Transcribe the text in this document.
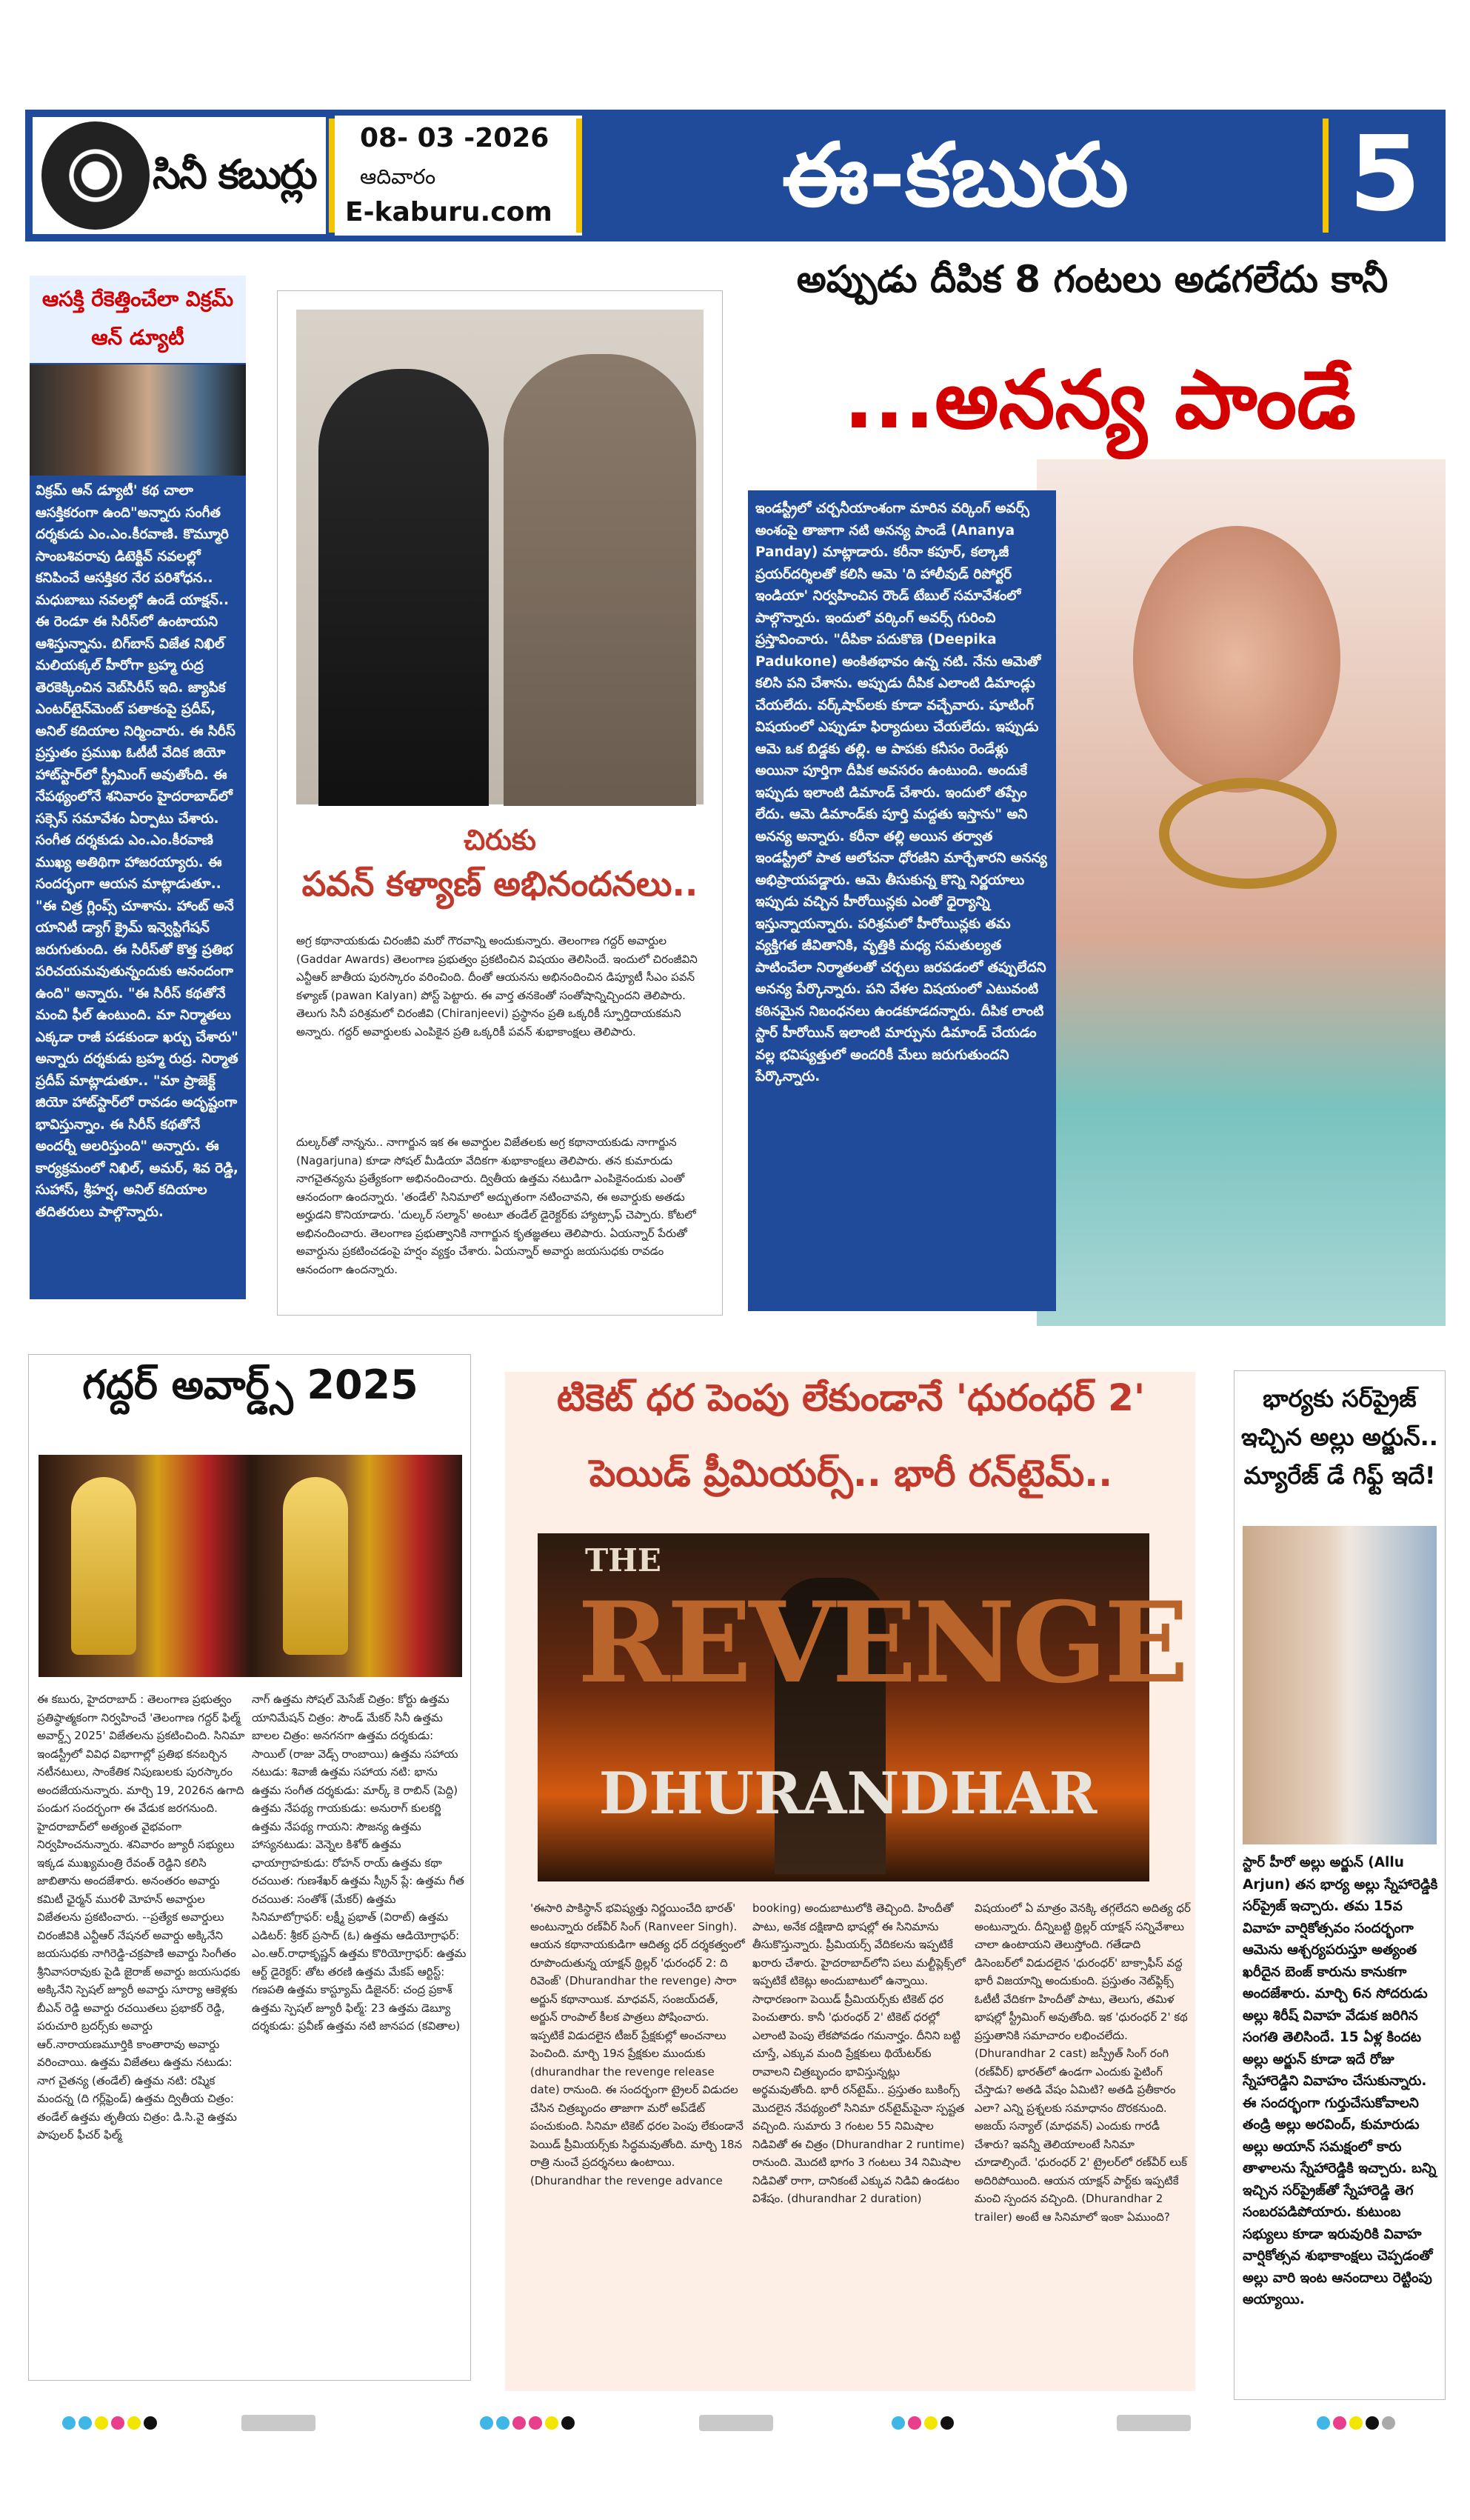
సినీ కబుర్లు
08- 03 -2026
ఆదివారం
E-kaburu.com	ఈ-కబురు	5
ఆసక్తి రేకెత్తించేలా విక్రమ్ ఆన్ డ్యూటీ
విక్రమ్ ఆన్ డ్యూటీ' కథ చాలా ఆసక్తికరంగా ఉంది"అన్నారు సంగీత దర్శకుడు ఎం.ఎం.కీరవాణి. కొమ్మూరి సాంబశివరావు డిటెక్టివ్ నవలల్లో కనిపించే ఆసక్తికర నేర పరిశోధన.. మధుబాబు నవలల్లో ఉండే యాక్షన్.. ఈ రెండూ ఈ సిరీస్‌లో ఉంటాయని ఆశిస్తున్నాను. బిగ్‌బాస్ విజేత నిఖిల్ మలియక్కల్ హీరోగా బ్రహ్మ రుద్ర తెరకెక్కించిన వెబ్‌సిరీస్ ఇది. జ్యాపిక ఎంటర్‌టైన్‌మెంట్ పతాకంపై ప్రదీప్, అనిల్ కదియాల నిర్మించారు. ఈ సిరీస్ ప్రస్తుతం ప్రముఖ ఓటీటీ వేదిక జియో హాట్‌స్టార్‌లో స్ట్రీమింగ్ అవుతోంది. ఈ నేపథ్యంలోనే శనివారం హైదరాబాద్‌లో సక్సెస్ సమావేశం ఏర్పాటు చేశారు. సంగీత దర్శకుడు ఎం.ఎం.కీరవాణి ముఖ్య అతిథిగా హాజరయ్యారు. ఈ సందర్భంగా ఆయన మాట్లాడుతూ.. "ఈ చిత్ర గ్లింప్స్ చూశాను. హాంట్ అనే యానిటీ డ్యాగ్ క్రైమ్ ఇన్వెస్టిగేషన్ జరుగుతుంది. ఈ సిరీస్‌తో కొత్త ప్రతిభ పరిచయమవుతున్నందుకు ఆనందంగా ఉంది" అన్నారు. "ఈ సిరీస్ కథతోనే మంచి ఫీల్ ఉంటుంది. మా నిర్మాతలు ఎక్కడా రాజీ పడకుండా ఖర్చు చేశారు" అన్నారు దర్శకుడు బ్రహ్మ రుద్ర. నిర్మాత ప్రదీప్ మాట్లాడుతూ.. "మా ప్రాజెక్ట్ జియో హాట్‌స్టార్‌లో రావడం అదృష్టంగా భావిస్తున్నాం. ఈ సిరీస్ కథతోనే అందర్నీ అలరిస్తుంది" అన్నారు. ఈ కార్యక్రమంలో నిఖిల్, అమర్, శివ రెడ్డి, సుహాస్, శ్రీహర్ష, అనిల్ కదియాల తదితరులు పాల్గొన్నారు.
చిరుకు
పవన్ కళ్యాణ్ అభినందనలు..
అగ్ర కథానాయకుడు చిరంజీవి మరో గౌరవాన్ని అందుకున్నారు. తెలంగాణ గద్దర్ అవార్డుల (Gaddar Awards) తెలంగాణ ప్రభుత్వం ప్రకటించిన విషయం తెలిసిందే. ఇందులో చిరంజీవిని ఎన్టీఆర్ జాతీయ పురస్కారం వరించింది. దీంతో ఆయనను అభినందించిన డిప్యూటీ సీఎం పవన్ కళ్యాణ్ (pawan Kalyan) పోస్ట్ పెట్టారు. ఈ వార్త తనకెంతో సంతోషాన్నిచ్చిందని తెలిపారు. తెలుగు సినీ పరిశ్రమలో చిరంజీవి (Chiranjeevi) ప్రస్థానం ప్రతి ఒక్కరికీ స్ఫూర్తిదాయకమని అన్నారు. గద్దర్ అవార్డులకు ఎంపికైన ప్రతి ఒక్కరికీ పవన్ శుభాకాంక్షలు తెలిపారు.
దుల్కర్‌తో నాన్న‌ను.. నాగార్జున ఇక ఈ అవార్డుల విజేతలకు అగ్ర కథానాయకుడు నాగార్జున (Nagarjuna) కూడా సోషల్ మీడియా వేదికగా శుభాకాంక్షలు తెలిపారు. తన కుమారుడు నాగచైతన్యను ప్రత్యేకంగా అభినందించారు. ద్వితీయ ఉత్తమ నటుడిగా ఎంపికైనందుకు ఎంతో ఆనందంగా ఉందన్నారు. 'తండేల్' సినిమాలో అద్భుతంగా నటించావని, ఈ అవార్డుకు అతడు అర్హుడని కొనియాడారు. 'దుల్కర్ సల్మాన్' అంటూ తండేల్ డైరెక్టర్‌కు హ్యాట్సాఫ్ చెప్పారు. కోటలో అభినందించారు. తెలంగాణ ప్రభుత్వానికి నాగార్జున కృతజ్ఞతలు తెలిపారు. ఏయన్నార్ పేరుతో అవార్డును ప్రకటించడంపై హర్షం వ్యక్తం చేశారు. ఏయన్నార్ అవార్డు జయసుధకు రావడం ఆనందంగా ఉందన్నారు.
అప్పుడు దీపిక 8 గంటలు అడగలేదు కానీ
...అనన్య పాండే
ఇండస్ట్రీలో చర్చనీయాంశంగా మారిన వర్కింగ్ అవర్స్ అంశంపై తాజాగా నటి అనన్య పాండే (Ananya Panday) మాట్లాడారు. కరీనా కపూర్, కల్కాజీ ప్రయర్‌దర్శిలతో కలిసి ఆమె 'ది హాలీవుడ్ రిపోర్టర్ ఇండియా' నిర్వహించిన రౌండ్ టేబుల్ సమావేశంలో పాల్గొన్నారు. ఇందులో వర్కింగ్ అవర్స్ గురించి ప్రస్తావించారు. "దీపికా పదుకొణె (Deepika Padukone) అంకితభావం ఉన్న నటి. నేను ఆమెతో కలిసి పని చేశాను. అప్పుడు దీపిక ఎలాంటి డిమాండ్లు చేయలేదు. వర్క్‌షాప్‌లకు కూడా వచ్చేవారు. షూటింగ్ విషయంలో ఎప్పుడూ ఫిర్యాదులు చేయలేదు. ఇప్పుడు ఆమె ఒక బిడ్డకు తల్లి. ఆ పాపకు కనీసం రెండేళ్లు అయినా పూర్తిగా దీపిక అవసరం ఉంటుంది. అందుకే ఇప్పుడు ఇలాంటి డిమాండ్ చేశారు. ఇందులో తప్పేం లేదు. ఆమె డిమాండ్‌కు పూర్తి మద్దతు ఇస్తాను" అని అనన్య అన్నారు. కరీనా తల్లి అయిన తర్వాత ఇండస్ట్రీలో పాత ఆలోచనా ధోరణిని మార్చేశారని అనన్య అభిప్రాయపడ్డారు. ఆమె తీసుకున్న కొన్ని నిర్ణయాలు ఇప్పుడు వచ్చిన హీరోయిన్లకు ఎంతో ధైర్యాన్ని ఇస్తున్నాయన్నారు. పరిశ్రమలో హీరోయిన్లకు తమ వ్యక్తిగత జీవితానికి, వృత్తికి మధ్య సమతుల్యత పాటించేలా నిర్మాతలతో చర్చలు జరపడంలో తప్పులేదని అనన్య పేర్కొన్నారు. పని వేళల విషయంలో ఎటువంటి కఠినమైన నిబంధనలు ఉండకూడదన్నారు. దీపిక లాంటి స్టార్ హీరోయిన్ ఇలాంటి మార్పును డిమాండ్ చేయడం వల్ల భవిష్యత్తులో అందరికీ మేలు జరుగుతుందని పేర్కొన్నారు.
గద్దర్ అవార్డ్స్ 2025
ఈ కబురు, హైదరాబాద్ : తెలంగాణ ప్రభుత్వం ప్రతిష్ఠాత్మకంగా నిర్వహించే 'తెలంగాణ గద్దర్ ఫిల్మ్ అవార్డ్స్ 2025' విజేతలను ప్రకటించింది. సినిమా ఇండస్ట్రీలో వివిధ విభాగాల్లో ప్రతిభ కనబర్చిన నటీనటులు, సాంకేతిక నిపుణులకు పురస్కారం అందజేయనున్నారు. మార్చి 19, 2026న ఉగాది పండుగ సందర్భంగా ఈ వేడుక జరగనుంది. హైదరాబాద్‌లో అత్యంత వైభవంగా నిర్వహించనున్నారు. శనివారం జ్యూరీ సభ్యులు ఇక్కడ ముఖ్యమంత్రి రేవంత్ రెడ్డిని కలిసి జాబితాను అందజేశారు. అనంతరం అవార్డు కమిటీ ఛైర్మన్ మురళీ మోహన్ అవార్డుల విజేతలను ప్రకటించారు. --ప్రత్యేక అవార్డులు చిరంజీవికి ఎన్టీఆర్ నేషనల్ అవార్డు అక్కినేని జయసుధకు నాగిరెడ్డి-చక్రపాణి అవార్డు సింగీతం శ్రీనివాసరావుకు పైడి జైరాజ్ అవార్డు జయసుధకు అక్కినేని స్పెషల్ జ్యూరీ అవార్డు సూర్యా ఆకెళ్లకు బీఎన్ రెడ్డి అవార్డు రచయితలు ప్రభాకర్ రెడ్డి, పరుచూరి బ్రదర్స్‌కు అవార్డు ఆర్.నారాయణమూర్తికి కాంతారావు అవార్డు వరించాయి. ఉత్తమ విజేతలు ఉత్తమ నటుడు: నాగ చైతన్య (తండేల్) ఉత్తమ నటి: రష్మిక మందన్న (ది గర్ల్‌ఫ్రెండ్) ఉత్తమ ద్వితీయ చిత్రం: తండేల్ ఉత్తమ తృతీయ చిత్రం: డి.సి.వై ఉత్తమ పాపులర్ ఫీచర్ ఫిల్మ్
నాగ్ ఉత్తమ సోషల్ మెసేజ్ చిత్రం: కోర్టు ఉత్తమ యానిమేషన్ చిత్రం: సౌండ్ మేకర్ సినీ ఉత్తమ బాలల చిత్రం: అనగనగా ఉత్తమ దర్శకుడు: సాయిల్ (రాజు వెడ్స్ రాంబాయి) ఉత్తమ సహాయ నటుడు: శివాజీ ఉత్తమ సహాయ నటి: భాను ఉత్తమ సంగీత దర్శకుడు: మార్క్ కె రాబిన్ (పెద్ది) ఉత్తమ నేపథ్య గాయకుడు: అనురాగ్ కులకర్ణి ఉత్తమ నేపథ్య గాయని: సౌజన్య ఉత్తమ హాస్యనటుడు: వెన్నెల కిశోర్ ఉత్తమ ఛాయాగ్రాహకుడు: రోహన్ రాయ్ ఉత్తమ కథా రచయిత: గుణశేఖర్ ఉత్తమ స్క్రీన్ ప్లే: ఉత్తమ గీత రచయిత: సంతోశ్ (మేకర్) ఉత్తమ సినిమాటోగ్రాఫర్: లక్ష్మీ ప్రభాత్ (విరాట్) ఉత్తమ ఎడిటర్: శ్రీకర్ ప్రసాద్ (ఓ) ఉత్తమ ఆడియోగ్రాఫర్: ఎం.ఆర్.రాధాకృష్ణన్ ఉత్తమ కొరియోగ్రాఫర్: ఉత్తమ ఆర్ట్ డైరెక్టర్: తోట తరణి ఉత్తమ మేకప్ ఆర్టిస్ట్: గణపతి ఉత్తమ కాస్ట్యూమ్ డిజైనర్: చంద్ర ప్రకాశ్ ఉత్తమ స్పెషల్ జ్యూరీ ఫిల్మ్: 23 ఉత్తమ డెబ్యూ దర్శకుడు: ప్రవీణ్ ఉత్తమ నటి జానపద (కవితాల)
టికెట్ ధర పెంపు లేకుండానే 'ధురంధర్ 2'
పెయిడ్ ప్రీమియర్స్.. భారీ రన్‌టైమ్..
THE
REVENGE
DHURANDHAR
'ఈసారి పాకిస్థాన్ భవిష్యత్తు నిర్ణయించేది భారత్' అంటున్నారు రణ్‌వీర్ సింగ్ (Ranveer Singh). ఆయన కథానాయకుడిగా ఆదిత్య ధర్ దర్శకత్వంలో రూపొందుతున్న యాక్షన్ థ్రిల్లర్ 'ధురంధర్ 2: ది రివెంజ్' (Dhurandhar the revenge) సారా అర్జున్ కథానాయిక. మాధవన్, సంజయ్‌దత్, అర్జున్ రాంపాల్ కీలక పాత్రలు పోషించారు. ఇప్పటికే విడుదలైన టీజర్ ప్రేక్షకుల్లో అంచనాలు పెంచింది. మార్చి 19న ప్రేక్షకుల ముందుకు (dhurandhar the revenge release date) రానుంది. ఈ సందర్భంగా ట్రైలర్ విడుదల చేసిన చిత్రబృందం తాజాగా మరో అప్‌డేట్ పంచుకుంది. సినిమా టికెట్ ధరల పెంపు లేకుండానే పెయిడ్ ప్రీమియర్స్‌కు సిద్ధమవుతోంది. మార్చి 18న రాత్రి నుంచే ప్రదర్శనలు ఉంటాయి. (Dhurandhar the revenge advance
booking) అందుబాటులోకి తెచ్చింది. హిందీతో పాటు, అనేక దక్షిణాది భాషల్లో ఈ సినిమాను తీసుకొస్తున్నారు. ప్రీమియర్స్ వేదికలను ఇప్పటికే ఖరారు చేశారు. హైదరాబాద్‌లోని పలు మల్టీప్లెక్స్‌లో ఇప్పటికే టికెట్లు అందుబాటులో ఉన్నాయి. సాధారణంగా పెయిడ్ ప్రీమియర్స్‌కు టికెట్ ధర పెంచుతారు. కానీ 'ధురంధర్ 2' టికెట్ ధరల్లో ఎలాంటి పెంపు లేకపోవడం గమనార్హం. దీనిని బట్టి చూస్తే, ఎక్కువ మంది ప్రేక్షకులు థియేటర్‌కు రావాలని చిత్రబృందం భావిస్తున్నట్లు అర్థమవుతోంది. భారీ రన్‌టైమ్.. ప్రస్తుతం బుకింగ్స్ మొదలైన నేపథ్యంలో సినిమా రన్‌టైమ్‌పైనా స్పష్టత వచ్చింది. సుమారు 3 గంటల 55 నిమిషాల నిడివితో ఈ చిత్రం (Dhurandhar 2 runtime) రానుంది. మొదటి భాగం 3 గంటలు 34 నిమిషాల నిడివితో రాగా, దానికంటే ఎక్కువ నిడివి ఉండటం విశేషం. (dhurandhar 2 duration)
విషయంలో ఏ మాత్రం వెనక్కి తగ్గలేదని అదిత్య ధర్ అంటున్నారు. దీన్నిబట్టి థ్రిల్లర్ యాక్షన్ సన్నివేశాలు చాలా ఉంటాయని తెలుస్తోంది. గతేడాది డిసెంబర్‌లో విడుదలైన 'ధురంధర్' బాక్సాఫీస్ వద్ద భారీ విజయాన్ని అందుకుంది. ప్రస్తుతం నెట్‌ఫ్లిక్స్ ఓటీటీ వేదికగా హిందీతో పాటు, తెలుగు, తమిళ భాషల్లో స్ట్రీమింగ్ అవుతోంది. ఇక 'ధురంధర్ 2' కథ ప్రస్తుతానికి సమాచారం లభించలేదు. (Dhurandhar 2 cast) జస్ప్రీత్ సింగ్ రంగి (రణ్‌వీర్) భారత్‌లో ఉండగా ఎందుకు ఫైటింగ్ చేస్తాడు? అతడి వేషం ఏమిటి? అతడి ప్రతీకారం ఎలా? ఎన్ని ప్రశ్నలకు సమాధానం దొరకనుంది. అజయ్ సన్యాల్ (మాధవన్) ఎందుకు గారడీ చేశారు? ఇవన్నీ తెలియాలంటే సినిమా చూడాల్సిందే. 'ధురంధర్ 2' ట్రైలర్‌లో రణ్‌వీర్ లుక్ అదిరిపోయింది. ఆయన యాక్షన్ పార్ట్‌కు ఇప్పటికే మంచి స్పందన వచ్చింది. (Dhurandhar 2 trailer) అంటే ఆ సినిమాలో ఇంకా ఏముంది?
భార్యకు సర్‌ప్రైజ్ ఇచ్చిన అల్లు అర్జున్.. మ్యారేజ్ డే గిఫ్ట్ ఇదే!
స్టార్ హీరో అల్లు అర్జున్ (Allu Arjun) తన భార్య అల్లు స్నేహారెడ్డికి సర్‌ప్రైజ్ ఇచ్చారు. తమ 15వ వివాహ వార్షికోత్సవం సందర్భంగా ఆమెను ఆశ్చర్యపరుస్తూ అత్యంత ఖరీదైన బెంజ్ కారును కానుకగా అందజేశారు. మార్చి 6న సోదరుడు అల్లు శిరీష్ వివాహ వేడుక జరిగిన సంగతి తెలిసిందే. 15 ఏళ్ల కిందట అల్లు అర్జున్ కూడా ఇదే రోజు స్నేహారెడ్డిని వివాహం చేసుకున్నారు. ఈ సందర్భంగా గుర్తుచేసుకోవాలని తండ్రి అల్లు అరవింద్, కుమారుడు అల్లు అయాన్ సమక్షంలో కారు తాళాలను స్నేహారెడ్డికి ఇచ్చారు. బన్ని ఇచ్చిన సర్‌ప్రైజ్‌తో స్నేహారెడ్డి తెగ సంబరపడిపోయారు. కుటుంబ సభ్యులు కూడా ఇరువురికి వివాహ వార్షికోత్సవ శుభాకాంక్షలు చెప్పడంతో అల్లు వారి ఇంట ఆనందాలు రెట్టింపు అయ్యాయి.
